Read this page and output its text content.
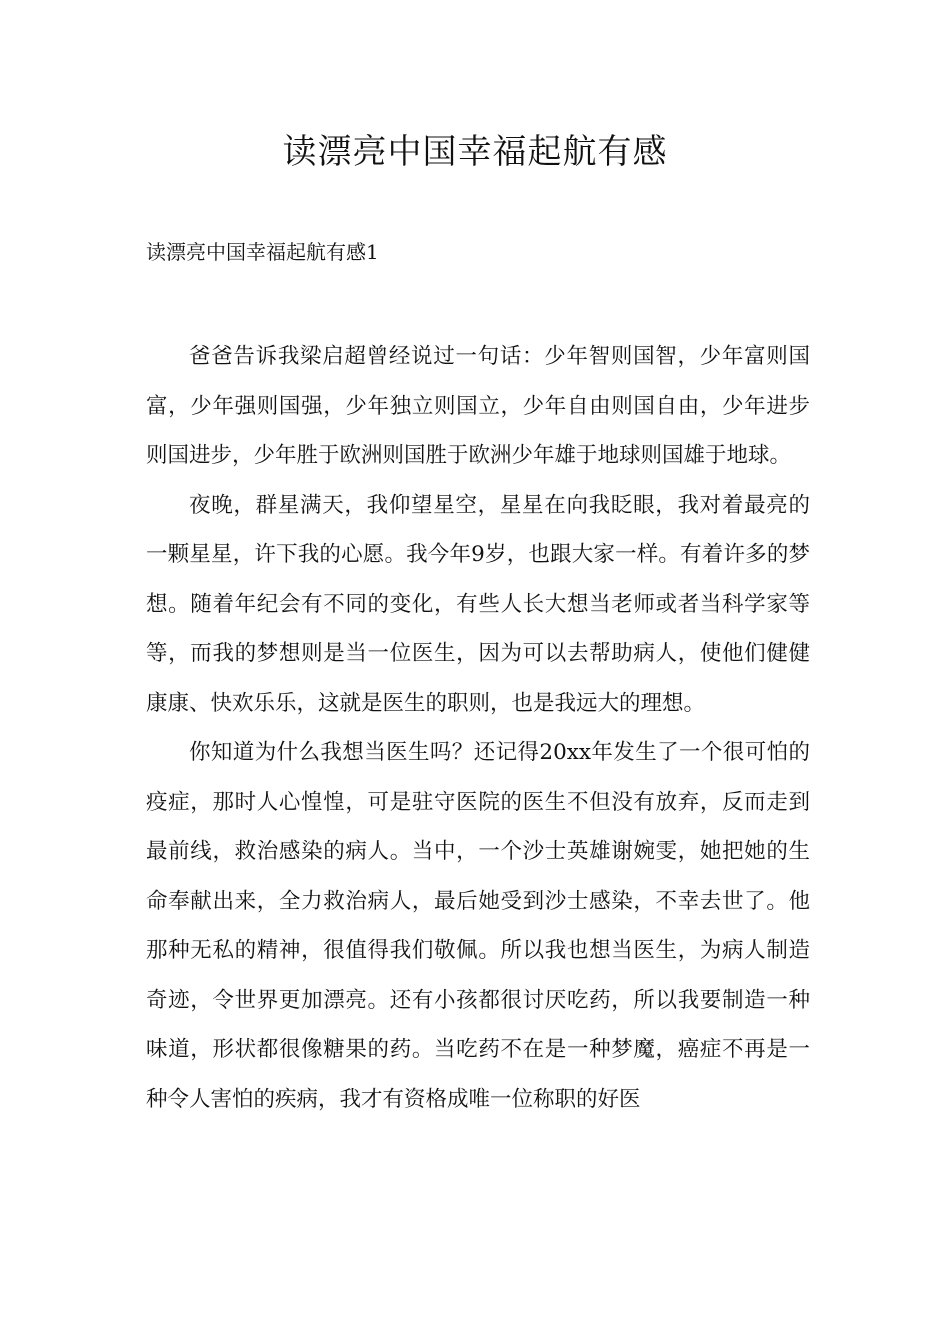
读漂亮中国幸福起航有感
读漂亮中国幸福起航有感1

爸爸告诉我梁启超曾经说过一句话：少年智则国智，少年富则国富，少年强则国强，少年独立则国立，少年自由则国自由，少年进步则国进步，少年胜于欧洲则国胜于欧洲少年雄于地球则国雄于地球。

夜晚，群星满天，我仰望星空，星星在向我眨眼，我对着最亮的一颗星星，许下我的心愿。我今年9岁，也跟大家一样。有着许多的梦想。随着年纪会有不同的变化，有些人长大想当老师或者当科学家等等，而我的梦想则是当一位医生，因为可以去帮助病人，使他们健健康康、快欢乐乐，这就是医生的职则，也是我远大的理想。

你知道为什么我想当医生吗？还记得20xx年发生了一个很可怕的疫症，那时人心惶惶，可是驻守医院的医生不但没有放弃，反而走到最前线，救治感染的病人。当中，一个沙士英雄谢婉雯，她把她的生命奉献出来，全力救治病人，最后她受到沙士感染，不幸去世了。他那种无私的精神，很值得我们敬佩。所以我也想当医生，为病人制造奇迹，令世界更加漂亮。还有小孩都很讨厌吃药，所以我要制造一种味道，形状都很像糖果的药。当吃药不在是一种梦魔，癌症不再是一种令人害怕的疾病，我才有资格成唯一位称职的好医
